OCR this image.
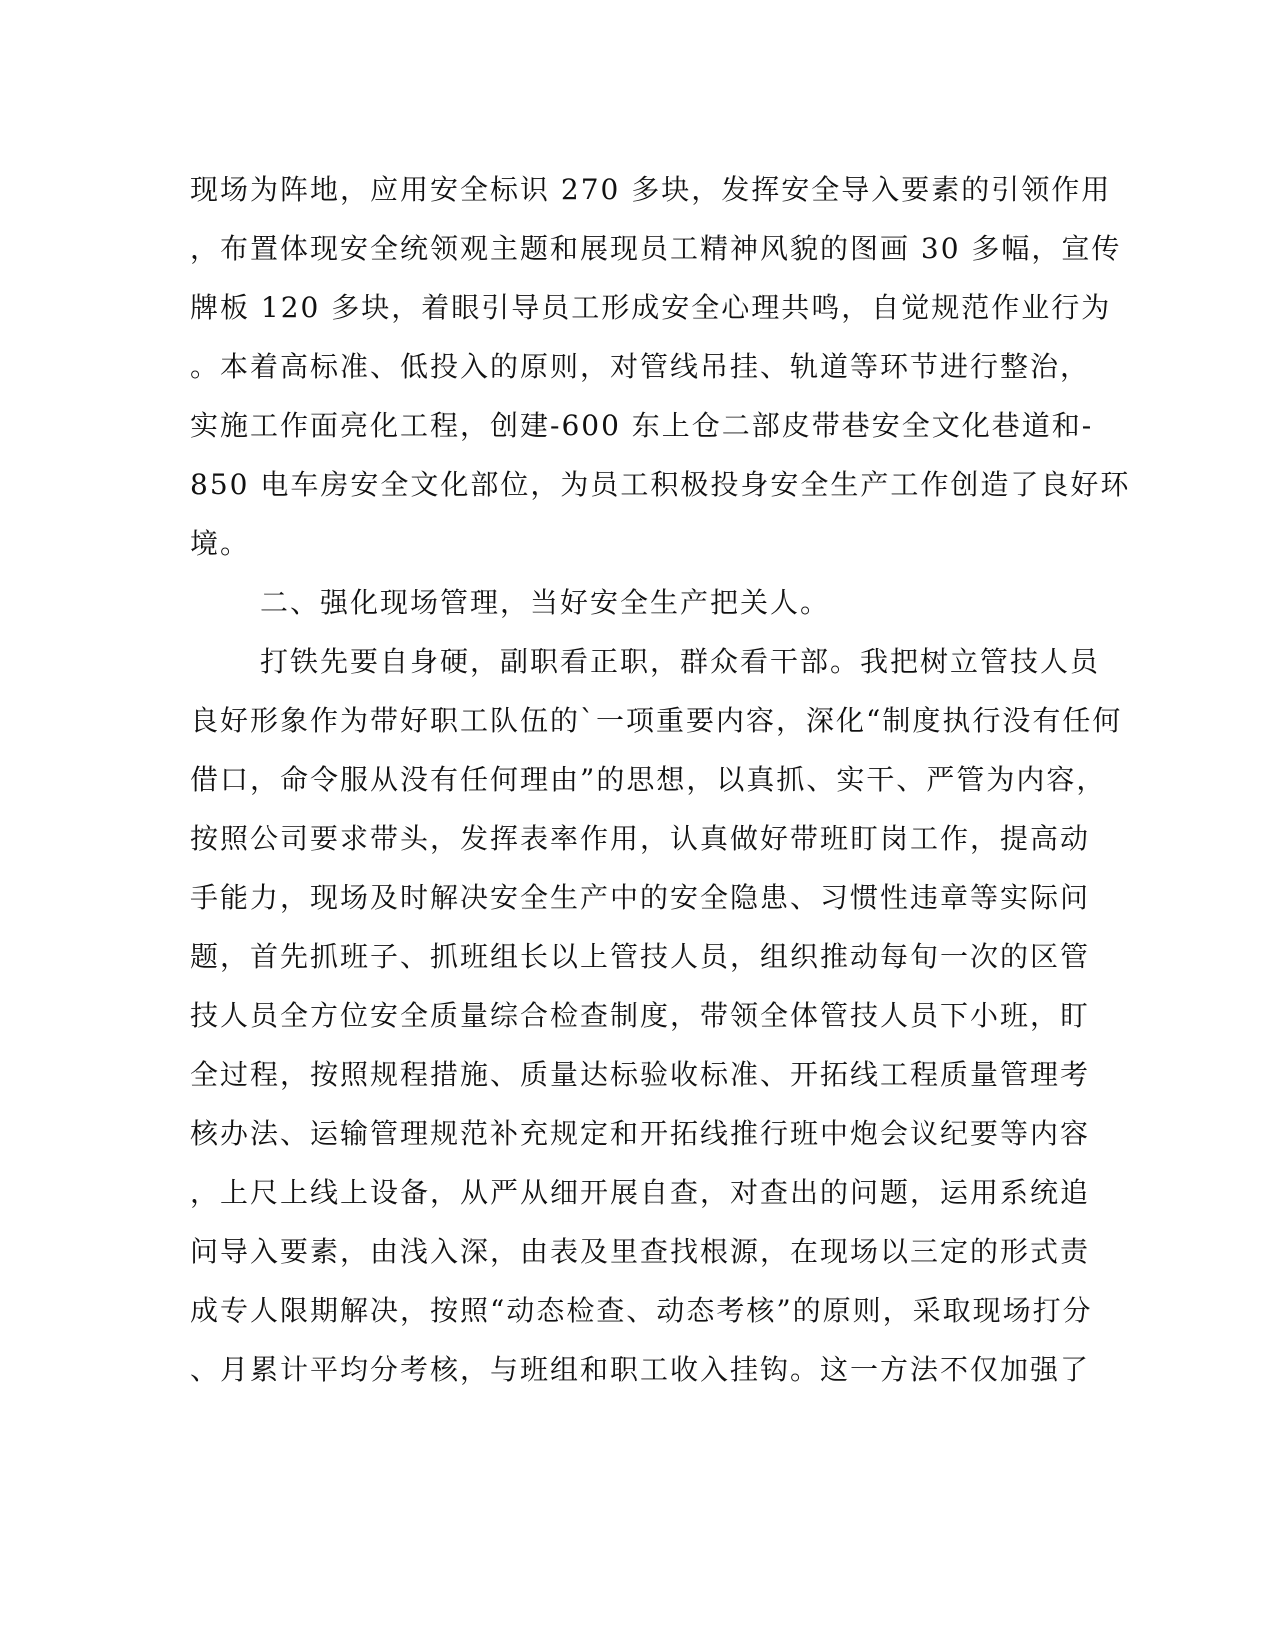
现场为阵地，应用安全标识 270 多块，发挥安全导入要素的引领作用
，布置体现安全统领观主题和展现员工精神风貌的图画 30 多幅，宣传
牌板 120 多块，着眼引导员工形成安全心理共鸣，自觉规范作业行为
。本着高标准、低投入的原则，对管线吊挂、轨道等环节进行整治，
实施工作面亮化工程，创建-600 东上仓二部皮带巷安全文化巷道和-
850 电车房安全文化部位，为员工积极投身安全生产工作创造了良好环
境。
二、强化现场管理，当好安全生产把关人。
打铁先要自身硬，副职看正职，群众看干部。我把树立管技人员
良好形象作为带好职工队伍的`一项重要内容，深化“制度执行没有任何
借口，命令服从没有任何理由”的思想，以真抓、实干、严管为内容，
按照公司要求带头，发挥表率作用，认真做好带班盯岗工作，提高动
手能力，现场及时解决安全生产中的安全隐患、习惯性违章等实际问
题，首先抓班子、抓班组长以上管技人员，组织推动每旬一次的区管
技人员全方位安全质量综合检查制度，带领全体管技人员下小班，盯
全过程，按照规程措施、质量达标验收标准、开拓线工程质量管理考
核办法、运输管理规范补充规定和开拓线推行班中炮会议纪要等内容
，上尺上线上设备，从严从细开展自查，对查出的问题，运用系统追
问导入要素，由浅入深，由表及里查找根源，在现场以三定的形式责
成专人限期解决，按照“动态检查、动态考核”的原则，采取现场打分
、月累计平均分考核，与班组和职工收入挂钩。这一方法不仅加强了
